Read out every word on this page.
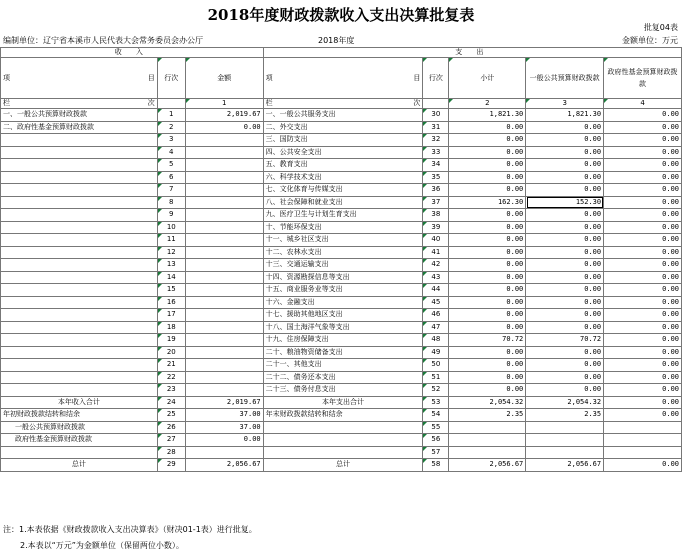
2018年度财政拨款收入支出决算批复表
批复04表
编制单位：辽宁省本溪市人民代表大会常务委员会办公厅	2018年度	金额单位：万元
收 入			支 出				

项 目	行次	金额	项 目	行次	小计	一般公共预算财政拨款	政府性基金预算财政拨款

栏 次		1	栏 次		2	3	4
一、一般公共预算财政拨款	1	2,019.67	一、一般公共服务支出	30	1,821.30	1,821.30	0.00
二、政府性基金预算财政拨款	2	0.00	二、外交支出	31	0.00	0.00	0.00
	3		三、国防支出	32	0.00	0.00	0.00
	4		四、公共安全支出	33	0.00	0.00	0.00
	5		五、教育支出	34	0.00	0.00	0.00
	6		六、科学技术支出	35	0.00	0.00	0.00
	7		七、文化体育与传媒支出	36	0.00	0.00	0.00
	8		八、社会保障和就业支出	37	162.30	152.30	0.00
	9		九、医疗卫生与计划生育支出	38	0.00	0.00	0.00
	10		十、节能环保支出	39	0.00	0.00	0.00
	11		十一、城乡社区支出	40	0.00	0.00	0.00
	12		十二、农林水支出	41	0.00	0.00	0.00
	13		十三、交通运输支出	42	0.00	0.00	0.00
	14		十四、资源勘探信息等支出	43	0.00	0.00	0.00
	15		十五、商业服务业等支出	44	0.00	0.00	0.00
	16		十六、金融支出	45	0.00	0.00	0.00
	17		十七、援助其他地区支出	46	0.00	0.00	0.00
	18		十八、国土海洋气象等支出	47	0.00	0.00	0.00
	19		十九、住房保障支出	48	70.72	70.72	0.00
	20		二十、粮油物资储备支出	49	0.00	0.00	0.00
	21		二十一、其他支出	50	0.00	0.00	0.00
	22		二十二、债务还本支出	51	0.00	0.00	0.00
	23		二十三、债务付息支出	52	0.00	0.00	0.00
本年收入合计	24	2,019.67	本年支出合计	53	2,054.32	2,054.32	0.00
年初财政拨款结转和结余	25	37.00	年末财政拨款结转和结余	54	2.35	2.35	0.00
一般公共预算财政拨款	26	37.00		55			
政府性基金预算财政拨款	27	0.00		56			
	28			57			
总计	29	2,056.67	总计	58	2,056.67	2,056.67	0.00
注：1.本表依据《财政拨款收入支出决算表》（财决01-1表）进行批复。
2.本表以“万元”为金额单位（保留两位小数）。
